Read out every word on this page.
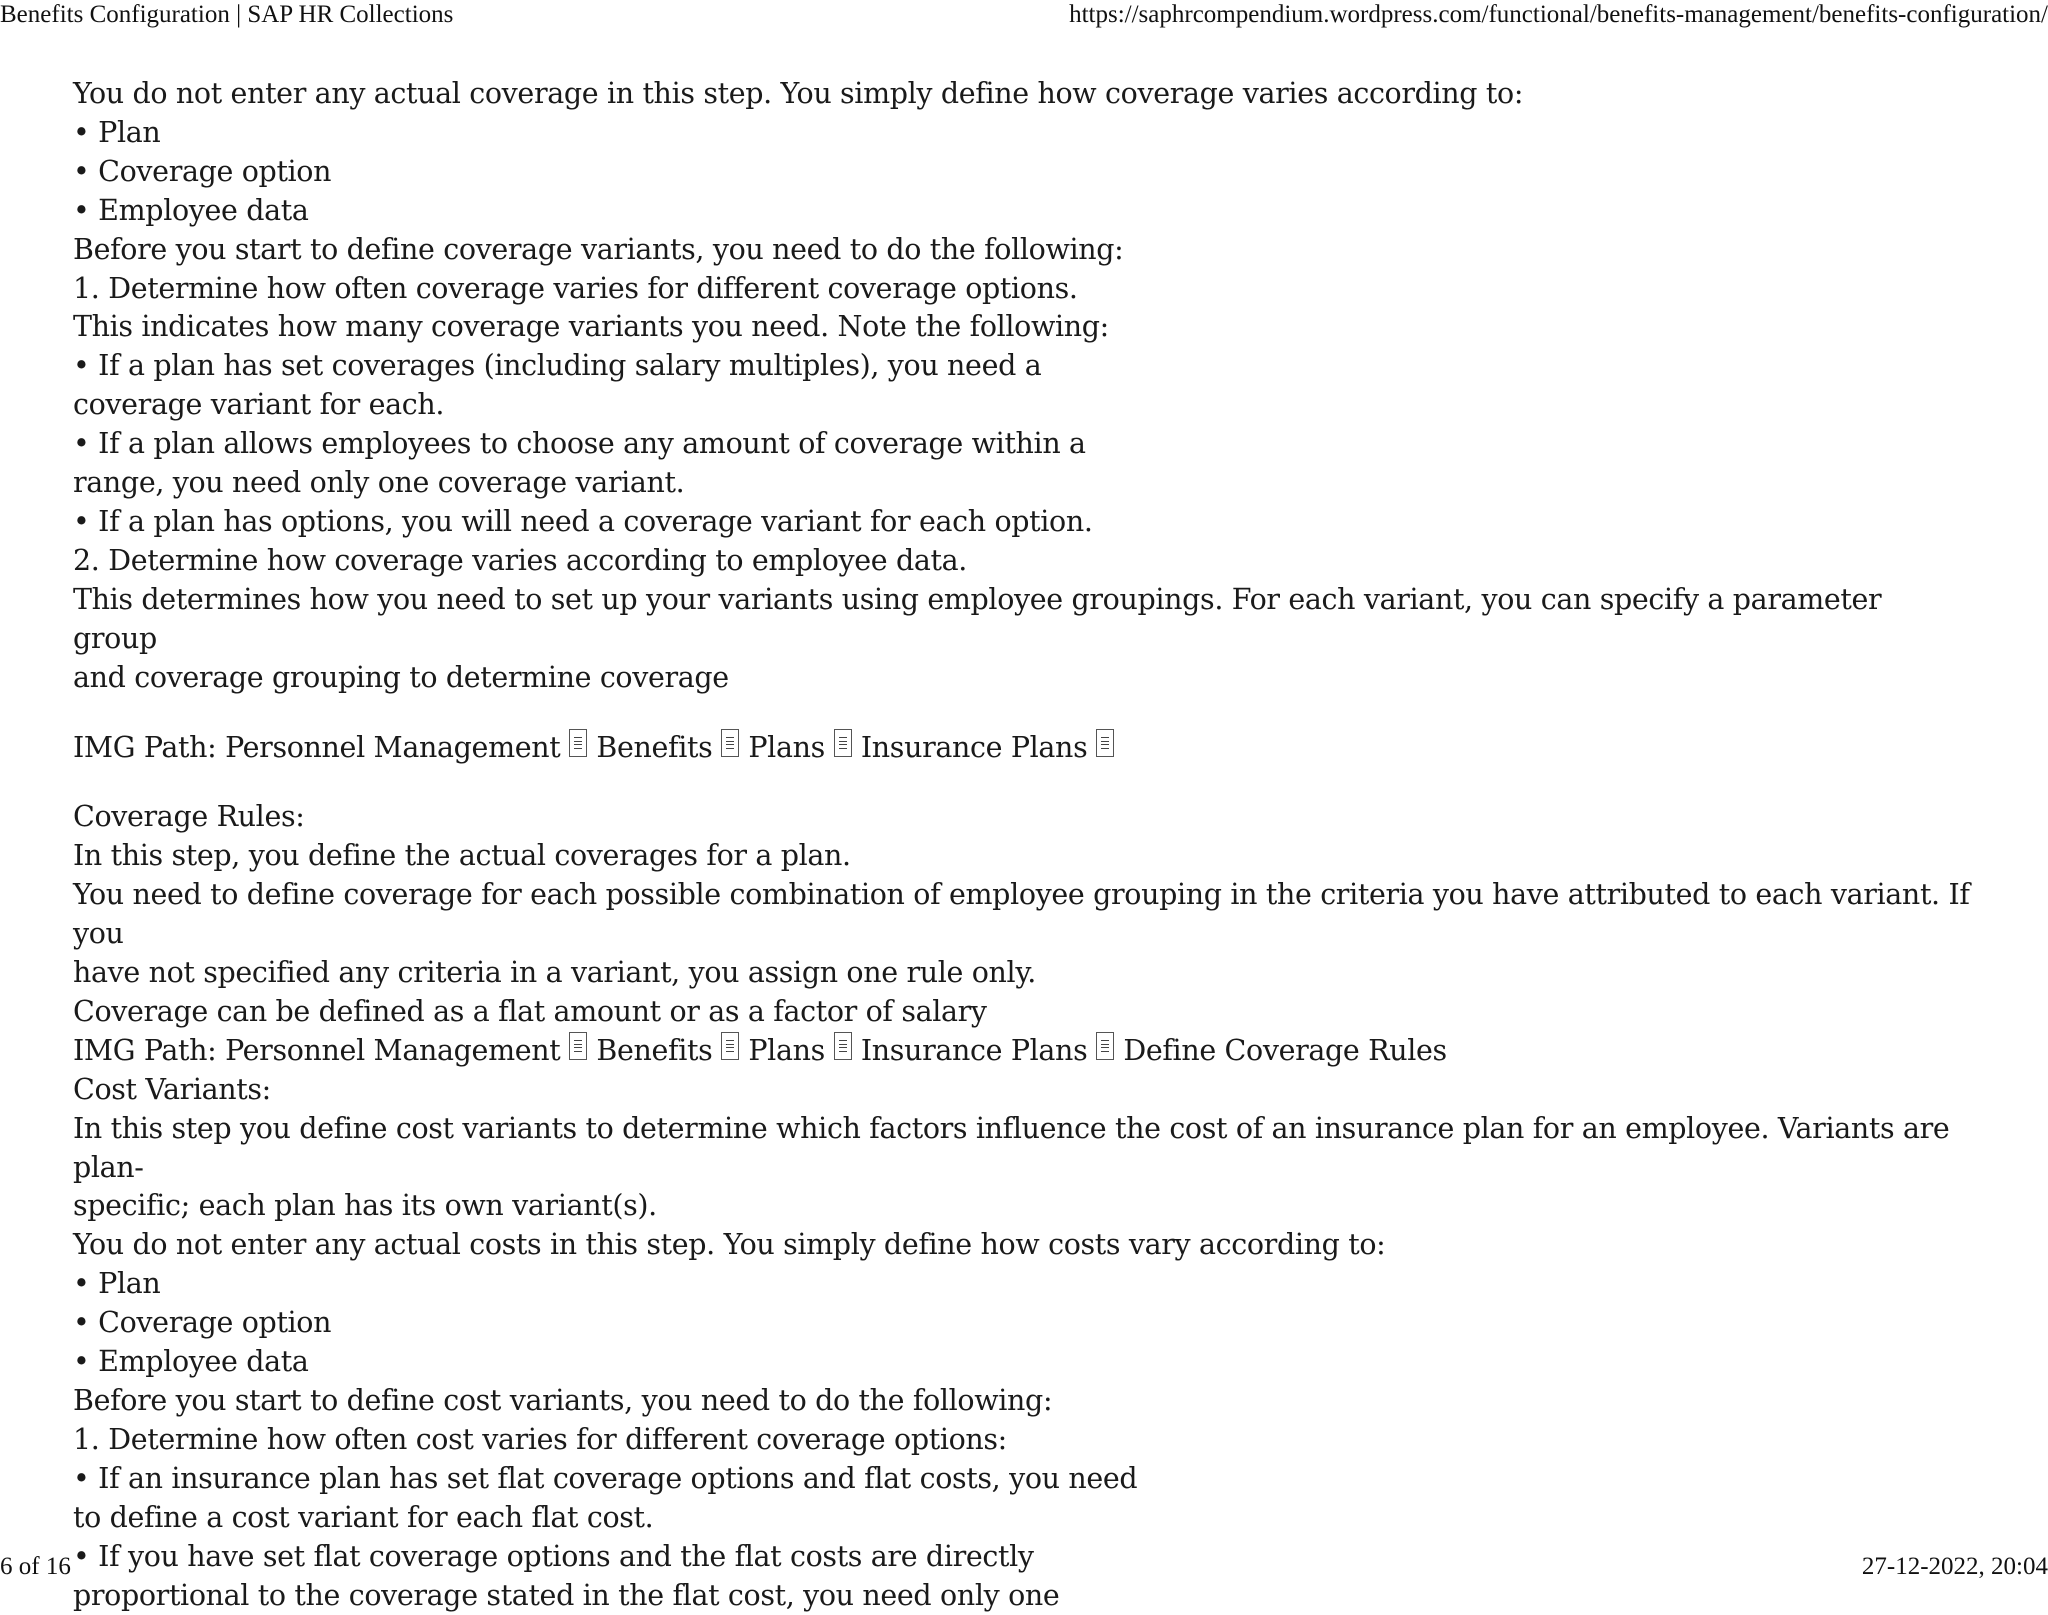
Benefits Configuration | SAP HR Collections	https://saphrcompendium.wordpress.com/functional/benefits-management/benefits-configuration/

You do not enter any actual coverage in this step. You simply define how coverage varies according to:

• Plan

• Coverage option

• Employee data

Before you start to define coverage variants, you need to do the following:

1. Determine how often coverage varies for different coverage options.

This indicates how many coverage variants you need. Note the following:

• If a plan has set coverages (including salary multiples), you need a

coverage variant for each.

• If a plan allows employees to choose any amount of coverage within a

range, you need only one coverage variant.

• If a plan has options, you will need a coverage variant for each option.

2. Determine how coverage varies according to employee data.

This determines how you need to set up your variants using employee groupings. For each variant, you can specify a parameter group

and coverage grouping to determine coverage

IMG Path: Personnel Management Benefits Plans Insurance Plans

Coverage Rules:

In this step, you define the actual coverages for a plan.

You need to define coverage for each possible combination of employee grouping in the criteria you have attributed to each variant. If you

have not specified any criteria in a variant, you assign one rule only.

Coverage can be defined as a flat amount or as a factor of salary

IMG Path: Personnel Management Benefits Plans Insurance Plans Define Coverage Rules

Cost Variants:

In this step you define cost variants to determine which factors influence the cost of an insurance plan for an employee. Variants are plan-

specific; each plan has its own variant(s).

You do not enter any actual costs in this step. You simply define how costs vary according to:

• Plan

• Coverage option

• Employee data

Before you start to define cost variants, you need to do the following:

1. Determine how often cost varies for different coverage options:

• If an insurance plan has set flat coverage options and flat costs, you need

to define a cost variant for each flat cost.

• If you have set flat coverage options and the flat costs are directly

proportional to the coverage stated in the flat cost, you need only one

6 of 16	27-12-2022, 20:04
